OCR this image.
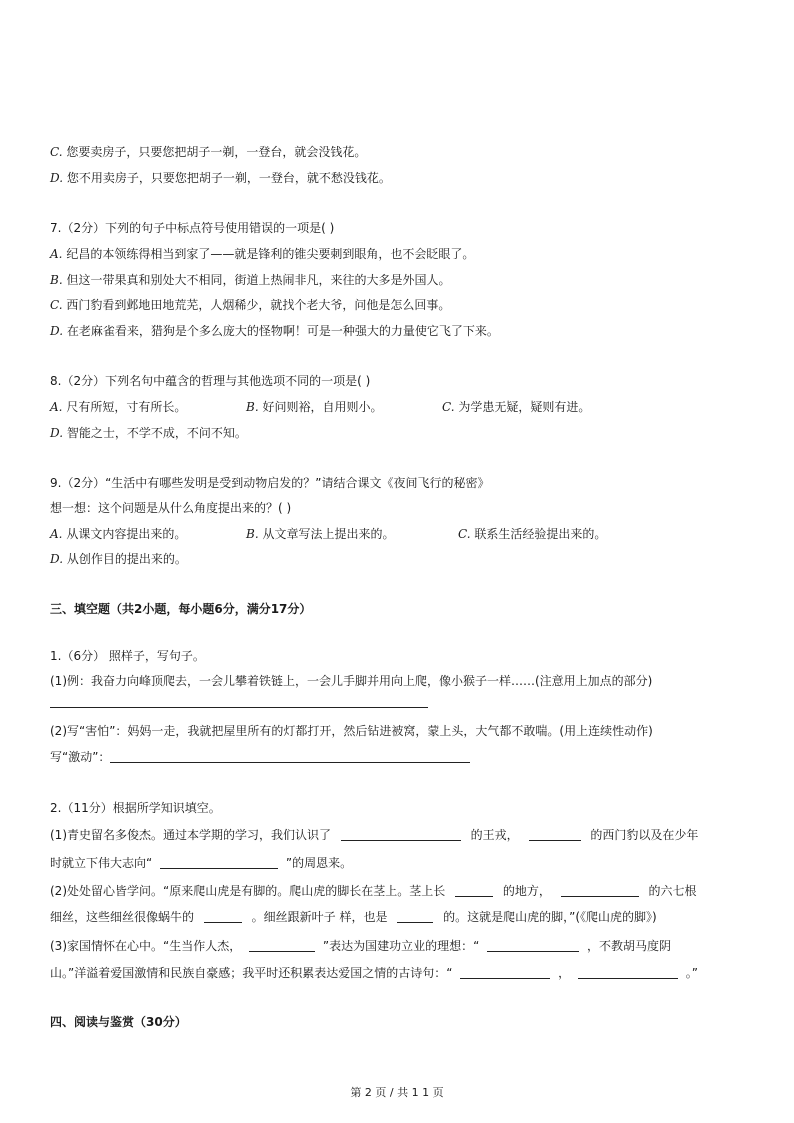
C. 您要卖房子，只要您把胡子一剃，一登台，就会没钱花。
D. 您不用卖房子，只要您把胡子一剃，一登台，就不愁没钱花。
7.（2分）下列的句子中标点符号使用错误的一项是( )
A. 纪昌的本领练得相当到家了——就是锋利的锥尖要刺到眼角，也不会眨眼了。
B. 但这一带果真和别处大不相同，街道上热闹非凡，来往的大多是外国人。
C. 西门豹看到邺地田地荒芜，人烟稀少，就找个老大爷，问他是怎么回事。
D. 在老麻雀看来，猎狗是个多么庞大的怪物啊！可是一种强大的力量使它飞了下来。
8.（2分）下列名句中蕴含的哲理与其他选项不同的一项是( )
A. 尺有所短，寸有所长。	B. 好问则裕，自用则小。	C. 为学患无疑，疑则有进。
D. 智能之士，不学不成，不问不知。
9.（2分）“生活中有哪些发明是受到动物启发的？”请结合课文《夜间飞行的秘密》
想一想：这个问题是从什么角度提出来的？( )
A. 从课文内容提出来的。	B. 从文章写法上提出来的。	C. 联系生活经验提出来的。
D. 从创作目的提出来的。
三、填空题（共2小题，每小题6分，满分17分）
1.（6分） 照样子，写句子。
(1)例：我奋力向峰顶爬去，一会儿攀着铁链上，一会儿手脚并用向上爬，像小猴子一样……(注意用上加点的部分)
(2)写“害怕”：妈妈一走，我就把屋里所有的灯都打开，然后钻进被窝，蒙上头，大气都不敢喘。(用上连续性动作)
写“激动”：
2.（11分）根据所学知识填空。
(1)青史留名多俊杰。通过本学期的学习，我们认识了	的王戎，	的西门豹以及在少年
时就立下伟大志向“	”的周恩来。
(2)处处留心皆学问。“原来爬山虎是有脚的。爬山虎的脚长在茎上。茎上长	的地方，	的六七根
细丝，这些细丝很像蜗牛的	。细丝跟新叶子 样，也是	的。这就是爬山虎的脚，”(《爬山虎的脚》)
(3)家国情怀在心中。“生当作人杰，	”表达为国建功立业的理想：“	，不教胡马度阴
山。”洋溢着爱国激情和民族自豪感；我平时还积累表达爱国之情的古诗句：“	，	。”
四、阅读与鉴赏（30分）
第 2 页 / 共 1 1 页
